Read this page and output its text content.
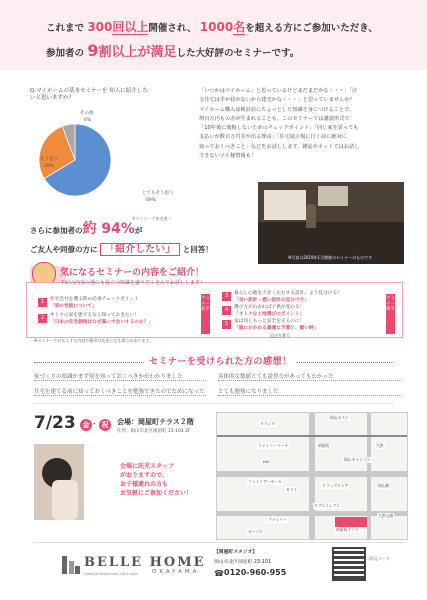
これまで 300回以上開催され、 1000名を超える方にご参加いただき、
参加者の 9割以上が満足した大好評のセミナーです。
Q.マイホームの基本セミナーを 知人に紹介したいと思いますか？
とてもそう思う
69%
そう思う
29%
その他
6%
※セミナー主催者調べ
さらに参加者の約 94%が
ご友人や同僚の方に 「紹介したい」 と回答！
「いつかはマイホーム」と思っているけどまだまだかな・・・」「注
文住宅は手が届かないから建売かな・・・」と思っていませんか？
マイホーム購入は検討前にちょっとした知識を身につけることで、
何百万円もの差が生まれることも。このセミナーでは講演形式で
「10年後に後悔しないためのチェックポイント」「同じ家を買っても
支払いが数百万円差が出る理由」「住宅展示場に行く前に絶対に
知っておくべきこと」などをお話しします。雑誌やネットではお話し
できないマル秘情報も！
※写真は2019年1月開催のセミナーのものです
気になるセミナーの内容をご紹介！
下記の内容の他にも役立つ知識を盛りだくさんでお話しします！
1	住宅会社を選ぶ時の必須チェックポイント
「家の性能について」
2	オトクに家を建てるなら知っておきたい！
「日本の住宅価格はなぜ高いで会いするのか？」
3	暮らし心地を大きく左右する設計。よう見分ける？
「良い設計・悪い設計の見分け方」
4	選び方がわかれば子供が変わる！
「オトクな土地選びのポイント」
5	家は同じもっと安全を守るのに！
「誰にかかわる最適な予算と、賢い時」
セミナー前半
セミナー後半
※セミナーでお伝えする内容や順序は変更になる場合があります。
返送先番号
セミナーを受けられた方の感想！
家づくりの知識がまず何を知っておくべきかがわかりました	具体的な数値とても説得力があってもわかった
住宅を建てる前に知っておくべきことを勉強できたのでためになった とても勉強になりました。
7/23 金 ・ 祝	会場：岡屋町テラス２階
住所：岡山市北区岡屋町 15-101 2F
会場に託児スタッフ
がおりますので、
お子様連れの方も
お気軽にご参加ください！
岡山ネスト
オランタ
ファミリーマート	岡屋町	大供
岡山キャンパス
ファミリアーモール
岡山駅
ガスト
ドラッグストア
セブンイレブン
岡屋町テラス
ファミリー
ローソン
大供公園
180
BELLE HOME
Lifestyle Enjoyment / Rich plus	OKAYAMA
【岡屋町スタジオ】
岡山市北区岡屋町 23-101
☎ 0120-960-955
二次元コード
